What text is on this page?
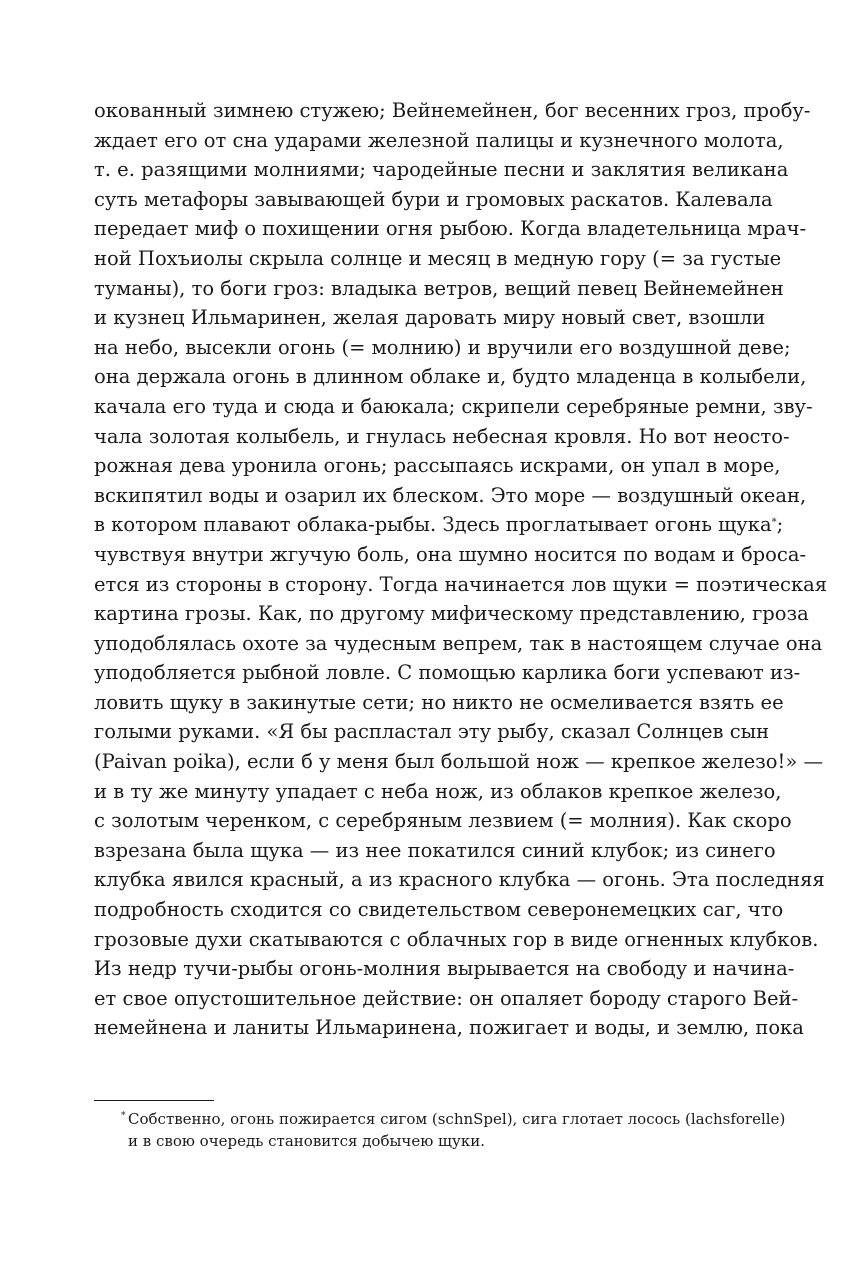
окованный зимнею стужею; Вейнемейнен, бог весенних гроз, пробу-
ждает его от сна ударами железной палицы и кузнечного молота,
т. е. разящими молниями; чародейные песни и заклятия великана
суть метафоры завывающей бури и громовых раскатов. Калевала
передает миф о похищении огня рыбою. Когда владетельница мрач-
ной Похъиолы скрыла солнце и месяц в медную гору (= за густые
туманы), то боги гроз: владыка ветров, вещий певец Вейнемейнен
и кузнец Ильмаринен, желая даровать миру новый свет, взошли
на небо, высекли огонь (= молнию) и вручили его воздушной деве;
она держала огонь в длинном облаке и, будто младенца в колыбели,
качала его туда и сюда и баюкала; скрипели серебряные ремни, зву-
чала золотая колыбель, и гнулась небесная кровля. Но вот неосто-
рожная дева уронила огонь; рассыпаясь искрами, он упал в море,
вскипятил воды и озарил их блеском. Это море — воздушный океан,
в котором плавают облака-рыбы. Здесь проглатывает огонь щука*;
чувствуя внутри жгучую боль, она шумно носится по водам и броса-
ется из стороны в сторону. Тогда начинается лов щуки = поэтическая
картина грозы. Как, по другому мифическому представлению, гроза
уподоблялась охоте за чудесным вепрем, так в настоящем случае она
уподобляется рыбной ловле. С помощью карлика боги успевают из-
ловить щуку в закинутые сети; но никто не осмеливается взять ее
голыми руками. «Я бы распластал эту рыбу, сказал Солнцев сын
(Paivan poika), если б у меня был большой нож — крепкое железо!» —
и в ту же минуту упадает с неба нож, из облаков крепкое железо,
с золотым черенком, с серебряным лезвием (= молния). Как скоро
взрезана была щука — из нее покатился синий клубок; из синего
клубка явился красный, а из красного клубка — огонь. Эта последняя
подробность сходится со свидетельством северонемецких саг, что
грозовые духи скатываются с облачных гор в виде огненных клубков.
Из недр тучи-рыбы огонь-молния вырывается на свободу и начина-
ет свое опустошительное действие: он опаляет бороду старого Вей-
немейнена и ланиты Ильмаринена, пожигает и воды, и землю, пока
* Собственно, огонь пожирается сигом (schnSpel), сига глотает лосось (lachsforelle)
и в свою очередь становится добычею щуки.
